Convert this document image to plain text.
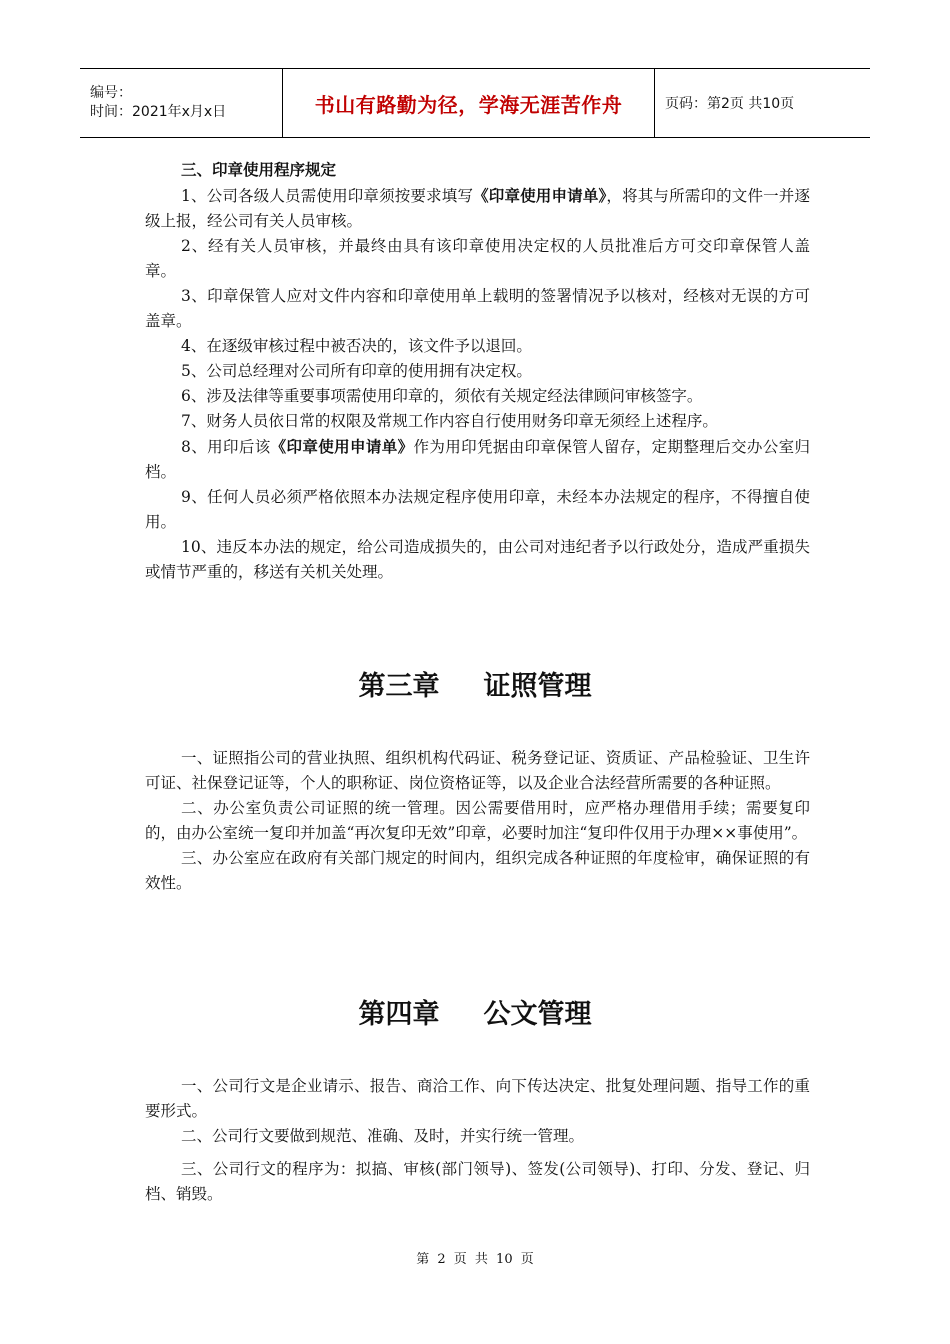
编号：
时间：2021年x月x日	书山有路勤为径，学海无涯苦作舟	页码：第2页 共10页

三、印章使用程序规定

1、公司各级人员需使用印章须按要求填写《印章使用申请单》，将其与所需印的文件一并逐级上报，经公司有关人员审核。

2、经有关人员审核，并最终由具有该印章使用决定权的人员批准后方可交印章保管人盖章。

3、印章保管人应对文件内容和印章使用单上载明的签署情况予以核对，经核对无误的方可盖章。

4、在逐级审核过程中被否决的，该文件予以退回。

5、公司总经理对公司所有印章的使用拥有决定权。

6、涉及法律等重要事项需使用印章的，须依有关规定经法律顾问审核签字。

7、财务人员依日常的权限及常规工作内容自行使用财务印章无须经上述程序。

8、用印后该《印章使用申请单》作为用印凭据由印章保管人留存，定期整理后交办公室归档。

9、任何人员必须严格依照本办法规定程序使用印章，未经本办法规定的程序，不得擅自使用。

10、违反本办法的规定，给公司造成损失的，由公司对违纪者予以行政处分，造成严重损失或情节严重的，移送有关机关处理。

第三章 证照管理

一、证照指公司的营业执照、组织机构代码证、税务登记证、资质证、产品检验证、卫生许可证、社保登记证等，个人的职称证、岗位资格证等，以及企业合法经营所需要的各种证照。

二、办公室负责公司证照的统一管理。因公需要借用时，应严格办理借用手续；需要复印的，由办公室统一复印并加盖“再次复印无效”印章，必要时加注“复印件仅用于办理××事使用”。

三、办公室应在政府有关部门规定的时间内，组织完成各种证照的年度检审，确保证照的有效性。

第四章 公文管理

一、公司行文是企业请示、报告、商洽工作、向下传达决定、批复处理问题、指导工作的重要形式。

二、公司行文要做到规范、准确、及时，并实行统一管理。

三、公司行文的程序为：拟搞、审核(部门领导)、签发(公司领导)、打印、分发、登记、归档、销毁。

第 2 页 共 10 页
